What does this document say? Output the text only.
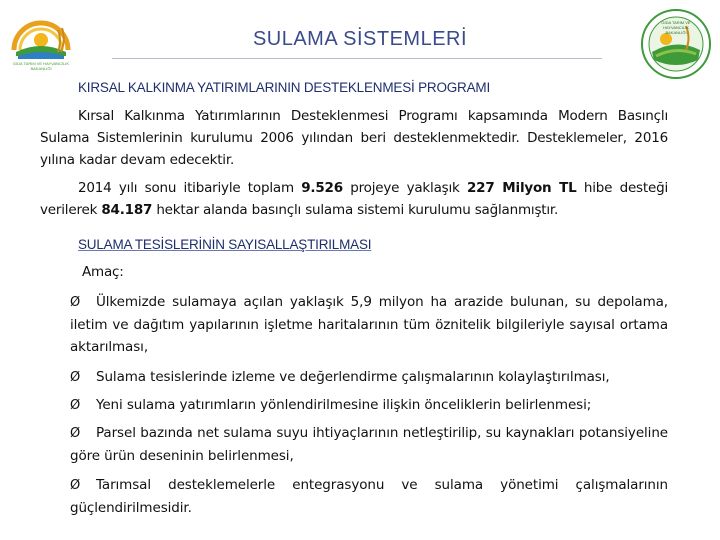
GIDA TARIM VE HAYVANCILIK BAKANLIĞI
GIDA TARIM VE HAYVANCILIK BAKANLIĞI
SULAMA SİSTEMLERİ
KIRSAL KALKINMA YATIRIMLARININ DESTEKLENMESİ PROGRAMI
Kırsal Kalkınma Yatırımlarının Desteklenmesi Programı kapsamında Modern Basınçlı Sulama Sistemlerinin kurulumu 2006 yılından beri desteklenmektedir. Desteklemeler, 2016 yılına kadar devam edecektir.
2014 yılı sonu itibariyle toplam 9.526 projeye yaklaşık 227 Milyon TL hibe desteği verilerek 84.187 hektar alanda basınçlı sulama sistemi kurulumu sağlanmıştır.
SULAMA TESİSLERİNİN SAYISALLAŞTIRILMASI
Amaç:
Ø Ülkemizde sulamaya açılan yaklaşık 5,9 milyon ha arazide bulunan, su depolama, iletim ve dağıtım yapılarının işletme haritalarının tüm öznitelik bilgileriyle sayısal ortama aktarılması,
Ø Sulama tesislerinde izleme ve değerlendirme çalışmalarının kolaylaştırılması,
Ø Yeni sulama yatırımların yönlendirilmesine ilişkin önceliklerin belirlenmesi;
Ø Parsel bazında net sulama suyu ihtiyaçlarının netleştirilip, su kaynakları potansiyeline göre ürün deseninin belirlenmesi,
Ø Tarımsal desteklemelerle entegrasyonu ve sulama yönetimi çalışmalarının güçlendirilmesidir.
